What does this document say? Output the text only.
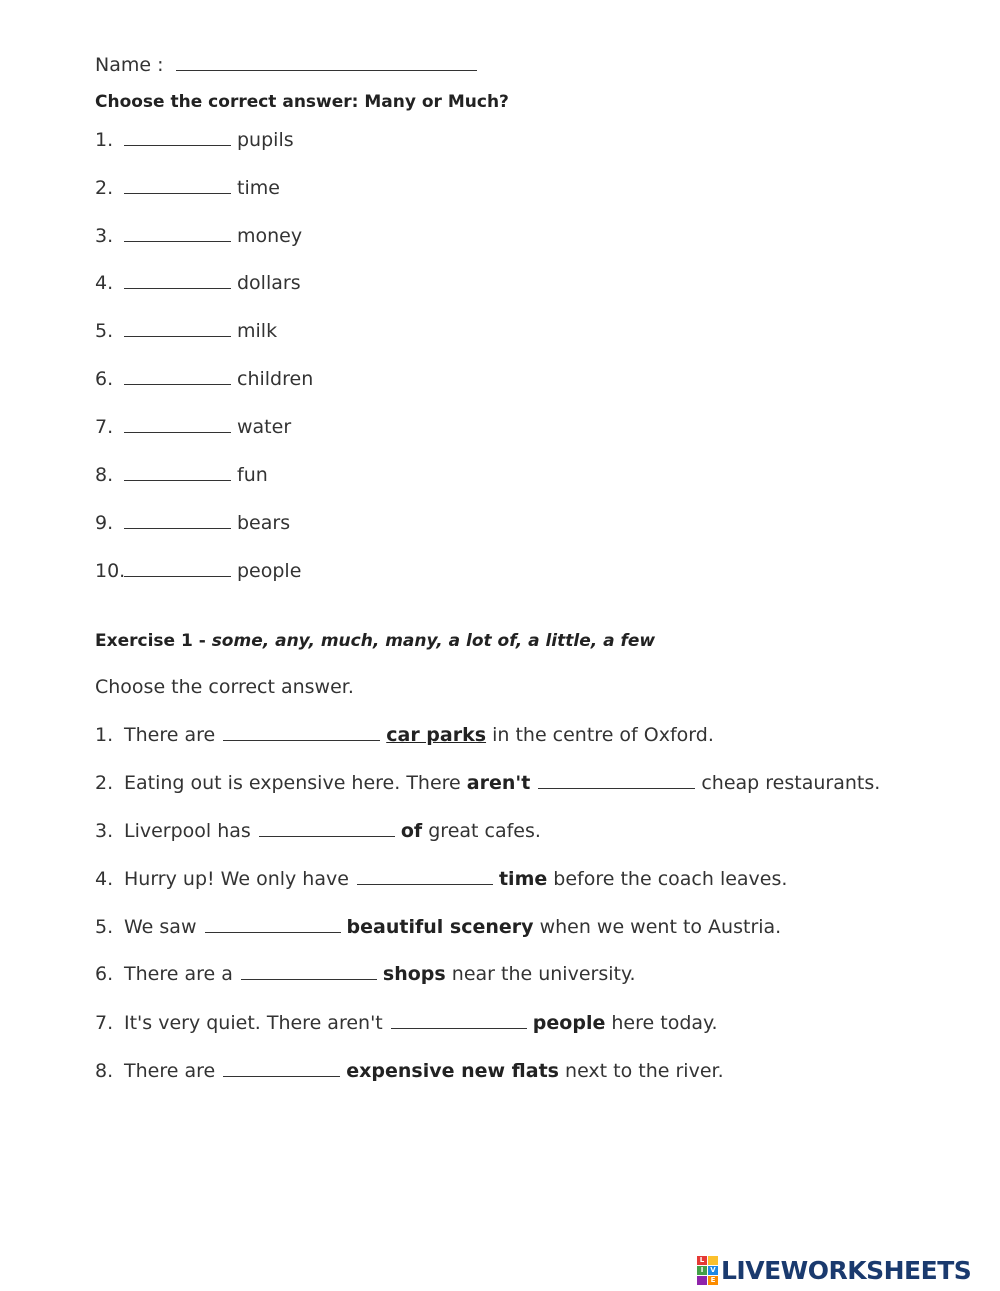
Name :
Choose the correct answer: Many or Much?
1.	pupils
2.	time
3.	money
4.	dollars
5.	milk
6.	children
7.	water
8.	fun
9.	bears
10.	people
Exercise 1 - some, any, much, many, a lot of, a little, a few
Choose the correct answer.
1. There are	car parks in the centre of Oxford.
2. Eating out is expensive here. There aren't	cheap restaurants.
3. Liverpool has	of great cafes.
4. Hurry up! We only have	time before the coach leaves.
5. We saw	beautiful scenery when we went to Austria.
6. There are a	shops near the university.
7. It's very quiet. There aren't	people here today.
8. There are	expensive new flats next to the river.
L
I V
E LIVEWORKSHEETS
